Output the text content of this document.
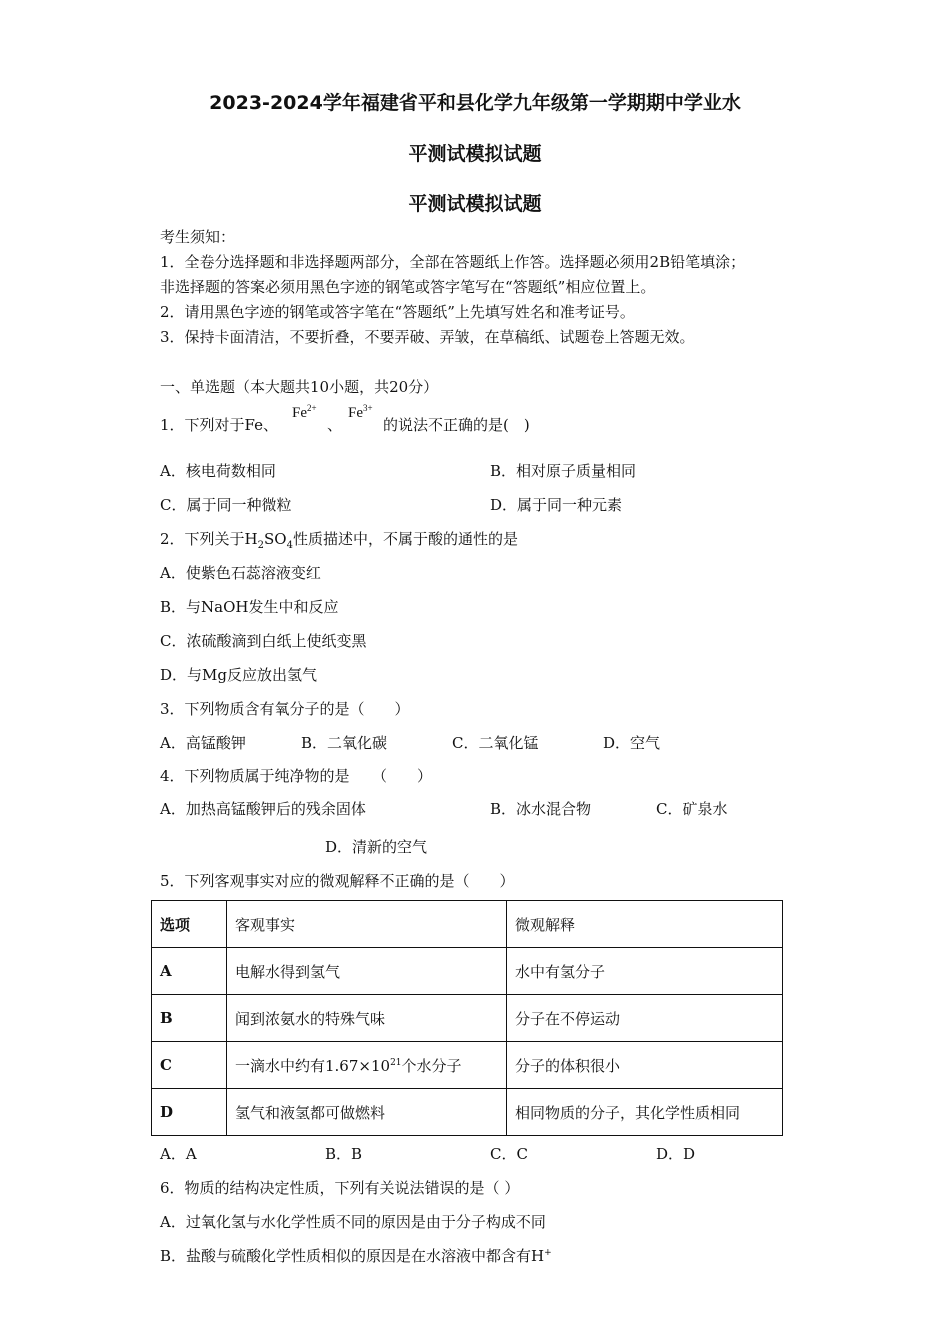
2023-2024学年福建省平和县化学九年级第一学期期中学业水
平测试模拟试题
平测试模拟试题
考生须知：
1．全卷分选择题和非选择题两部分，全部在答题纸上作答。选择题必须用2B铅笔填涂；
非选择题的答案必须用黑色字迹的钢笔或答字笔写在“答题纸”相应位置上。
2．请用黑色字迹的钢笔或答字笔在“答题纸”上先填写姓名和准考证号。
3．保持卡面清洁，不要折叠，不要弄破、弄皱，在草稿纸、试题卷上答题无效。
一、单选题（本大题共10小题，共20分）
1．下列对于Fe、
$Fe^{2+}$
、
$Fe^{3+}$
的说法不正确的是(　)
A．核电荷数相同	B．相对原子质量相同
C．属于同一种微粒	D．属于同一种元素
2．下列关于$H_2SO_4$性质描述中，不属于酸的通性的是
A．使紫色石蕊溶液变红
B．与NaOH发生中和反应
C．浓硫酸滴到白纸上使纸变黑
D．与Mg反应放出氢气
3．下列物质含有氧分子的是（　　）
A．高锰酸钾	B．二氧化碳	C．二氧化锰	D．空气
4．下列物质属于纯净物的是　　（　　）
A．加热高锰酸钾后的残余固体	B．冰水混合物	C．矿泉水
D．清新的空气
5．下列客观事实对应的微观解释不正确的是（　　）
选项	客观事实	微观解释
A	电解水得到氢气	水中有氢分子
B	闻到浓氨水的特殊气味	分子在不停运动
C	一滴水中约有$1.67\times 10^{21}$个水分子	分子的体积很小
D	氢气和液氢都可做燃料	相同物质的分子，其化学性质相同
A．A	B．B	C．C	D．D
6．物质的结构决定性质，下列有关说法错误的是（ ）
A．过氧化氢与水化学性质不同的原因是由于分子构成不同
B．盐酸与硫酸化学性质相似的原因是在水溶液中都含有H+
